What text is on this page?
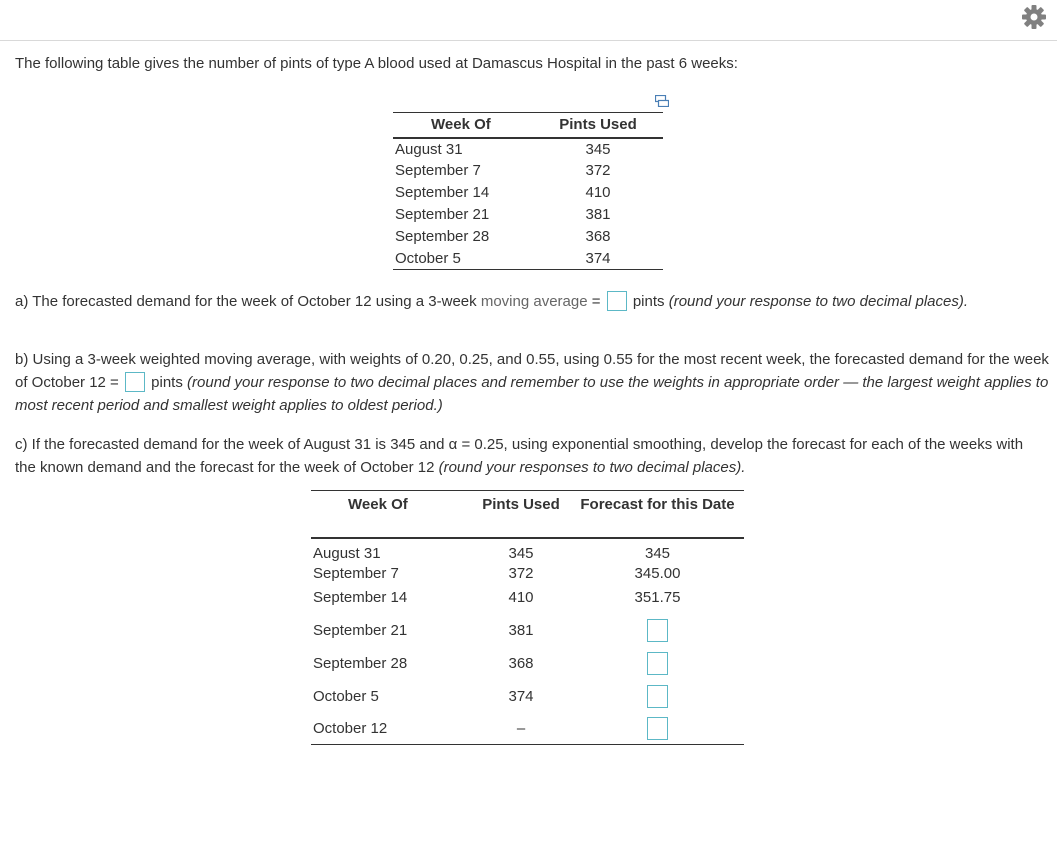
The following table gives the number of pints of type A blood used at Damascus Hospital in the past 6 weeks:

Week Of	Pints Used
August 31	345
September 7	372
September 14	410
September 21	381
September 28	368
October 5	374

a) The forecasted demand for the week of October 12 using a 3-week moving average =  pints (round your response to two decimal places).

b) Using a 3-week weighted moving average, with weights of 0.20, 0.25, and 0.55, using 0.55 for the most recent week, the forecasted demand for the week of October 12 =  pints (round your response to two decimal places and remember to use the weights in appropriate order — the largest weight applies to most recent period and smallest weight applies to oldest period.)

c) If the forecasted demand for the week of August 31 is 345 and α = 0.25, using exponential smoothing, develop the forecast for each of the weeks with the known demand and the forecast for the week of October 12 (round your responses to two decimal places).

Week Of	Pints Used	Forecast for this Date
August 31	345	345
September 7	372	345.00
September 14	410	351.75
September 21	381	
September 28	368	
October 5	374	
October 12	–	
